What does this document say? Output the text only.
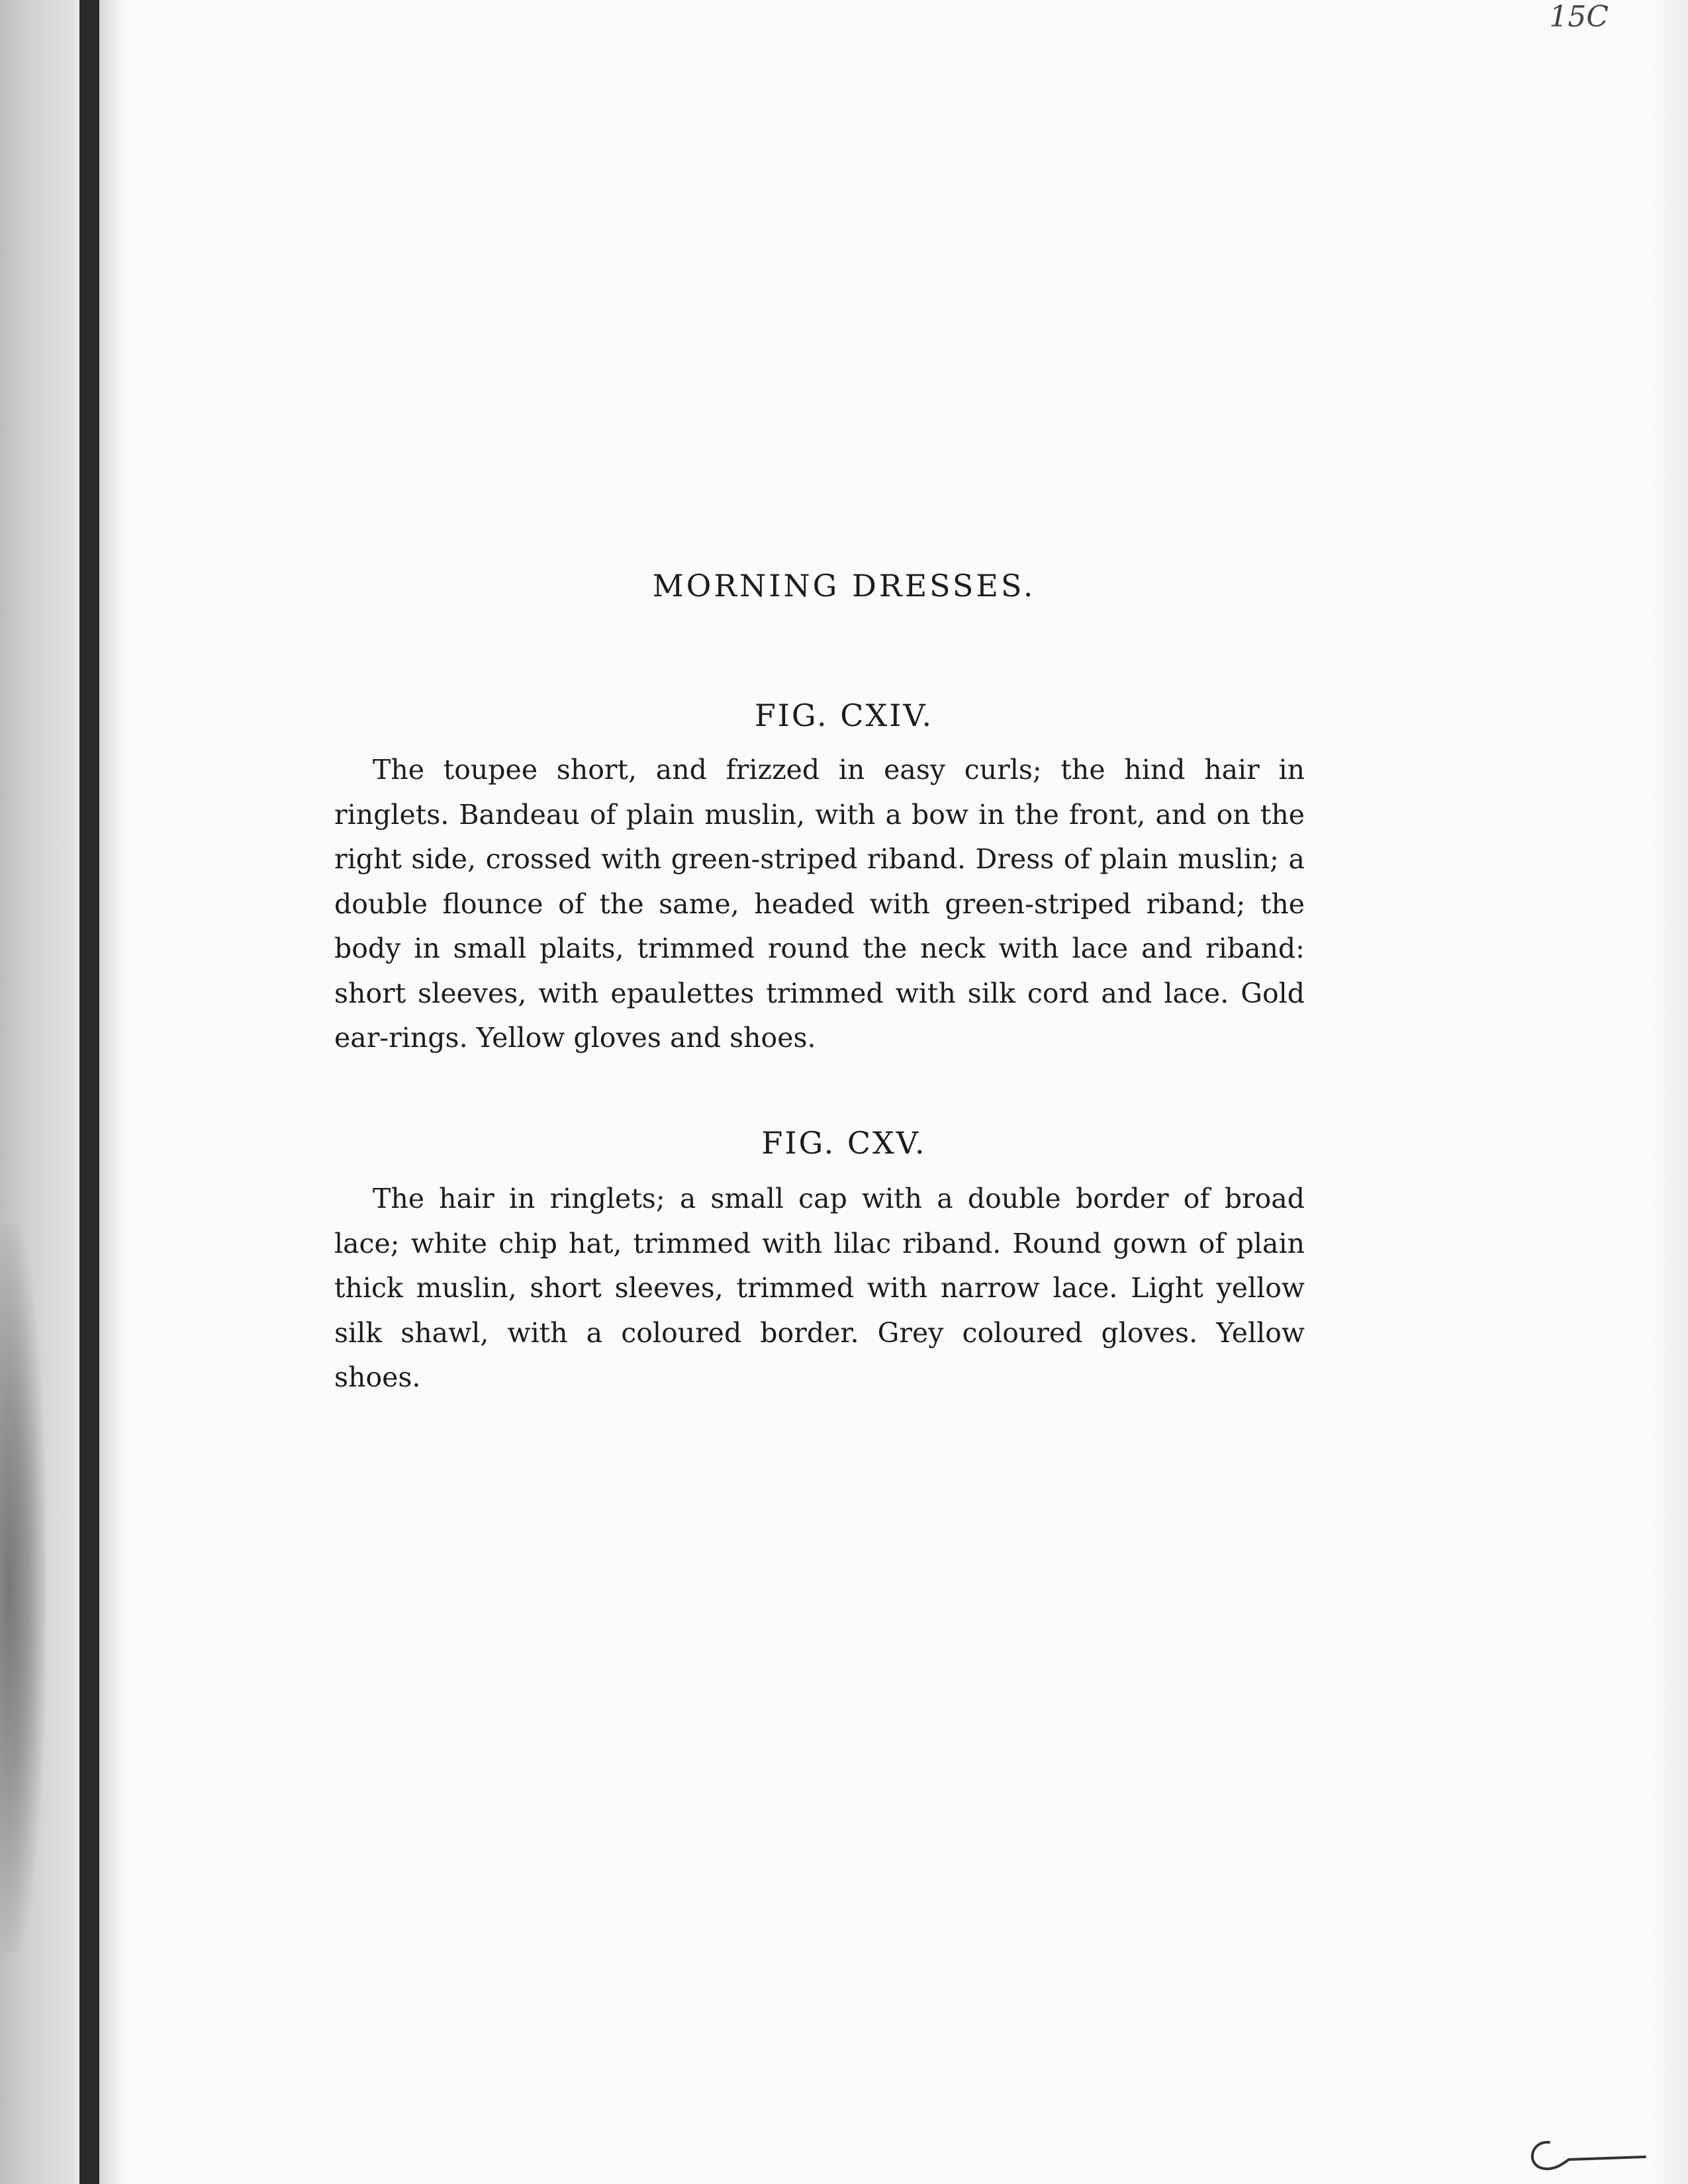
15C
MORNING DRESSES.
FIG. CXIV.

The toupee short, and frizzed in easy curls; the hind hair in ringlets. Bandeau of plain muslin, with a bow in the front, and on the right side, crossed with green-striped riband. Dress of plain muslin; a double flounce of the same, headed with green-striped riband; the body in small plaits, trimmed round the neck with lace and riband: short sleeves, with epaulettes trimmed with silk cord and lace. Gold ear-rings. Yellow gloves and shoes.

FIG. CXV.

The hair in ringlets; a small cap with a double border of broad lace; white chip hat, trimmed with lilac riband. Round gown of plain thick muslin, short sleeves, trimmed with narrow lace. Light yellow silk shawl, with a coloured border. Grey coloured gloves. Yellow shoes.
